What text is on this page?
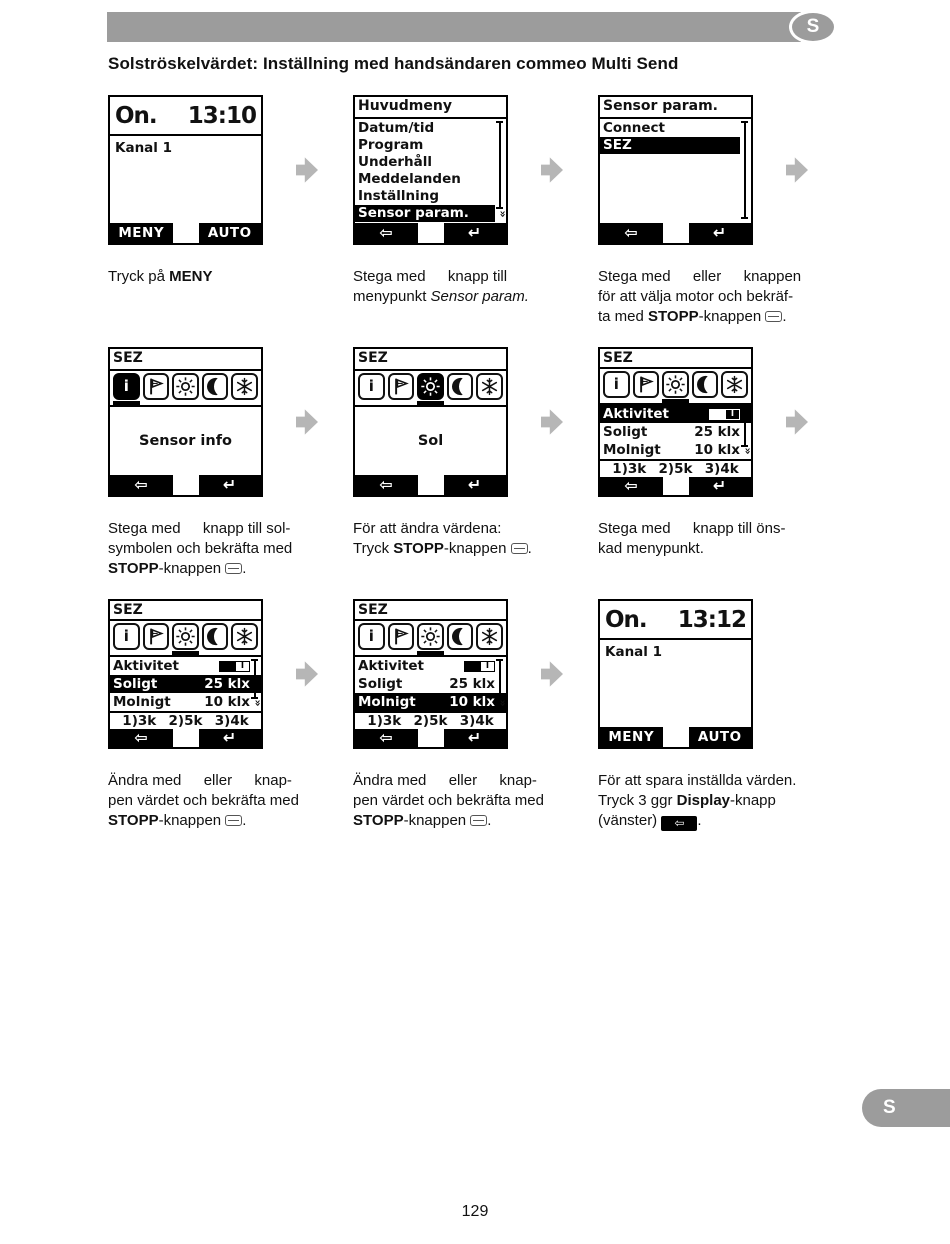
S
Solströskelvärdet: Inställning med handsändaren commeo Multi Send
On. 13:10
Kanal 1
MENY	AUTO
Huvudmeny
Datum/tid
Program
Underhåll
Meddelanden
Inställning
Sensor param.	»
⇦	↵
Sensor param.
Connect
SEZ
⇦	↵
SEZ
i
Sensor info
⇦	↵
SEZ
i
Sol
⇦	↵
SEZ
i
Aktivitet	I
Soligt	25 klx
Molnigt 10 klx »
1)3k 2)5k 3)4k
⇦	↵
SEZ
i
Aktivitet	I
Soligt	25 klx
Molnigt 10 klx »
1)3k 2)5k 3)4k
⇦	↵
SEZ
i
Aktivitet	I
Soligt	25 klx
Molnigt 10 klx »
1)3k 2)5k 3)4k
⇦	↵
On. 13:12
Kanal 1
MENY	AUTO

Tryck på MENY	Stega med  knapp till
menypunkt Sensor param.

Stega med  eller  knappen
för att välja motor och bekräf-
ta med STOPP-knappen
.

Stega med  knapp till sol-
symbolen och bekräfta med
STOPP-knappen
.

För att ändra värdena:
Tryck STOPP-knappen
.

Stega med  knapp till öns-
kad menypunkt.

Ändra med  eller  knap-
pen värdet och bekräfta med
STOPP-knappen
.

Ändra med  eller  knap-
pen värdet och bekräfta med
STOPP-knappen
.

För att spara inställda värden.
Tryck 3 ggr Display-knapp
(vänster) ⇦ .

S
129
